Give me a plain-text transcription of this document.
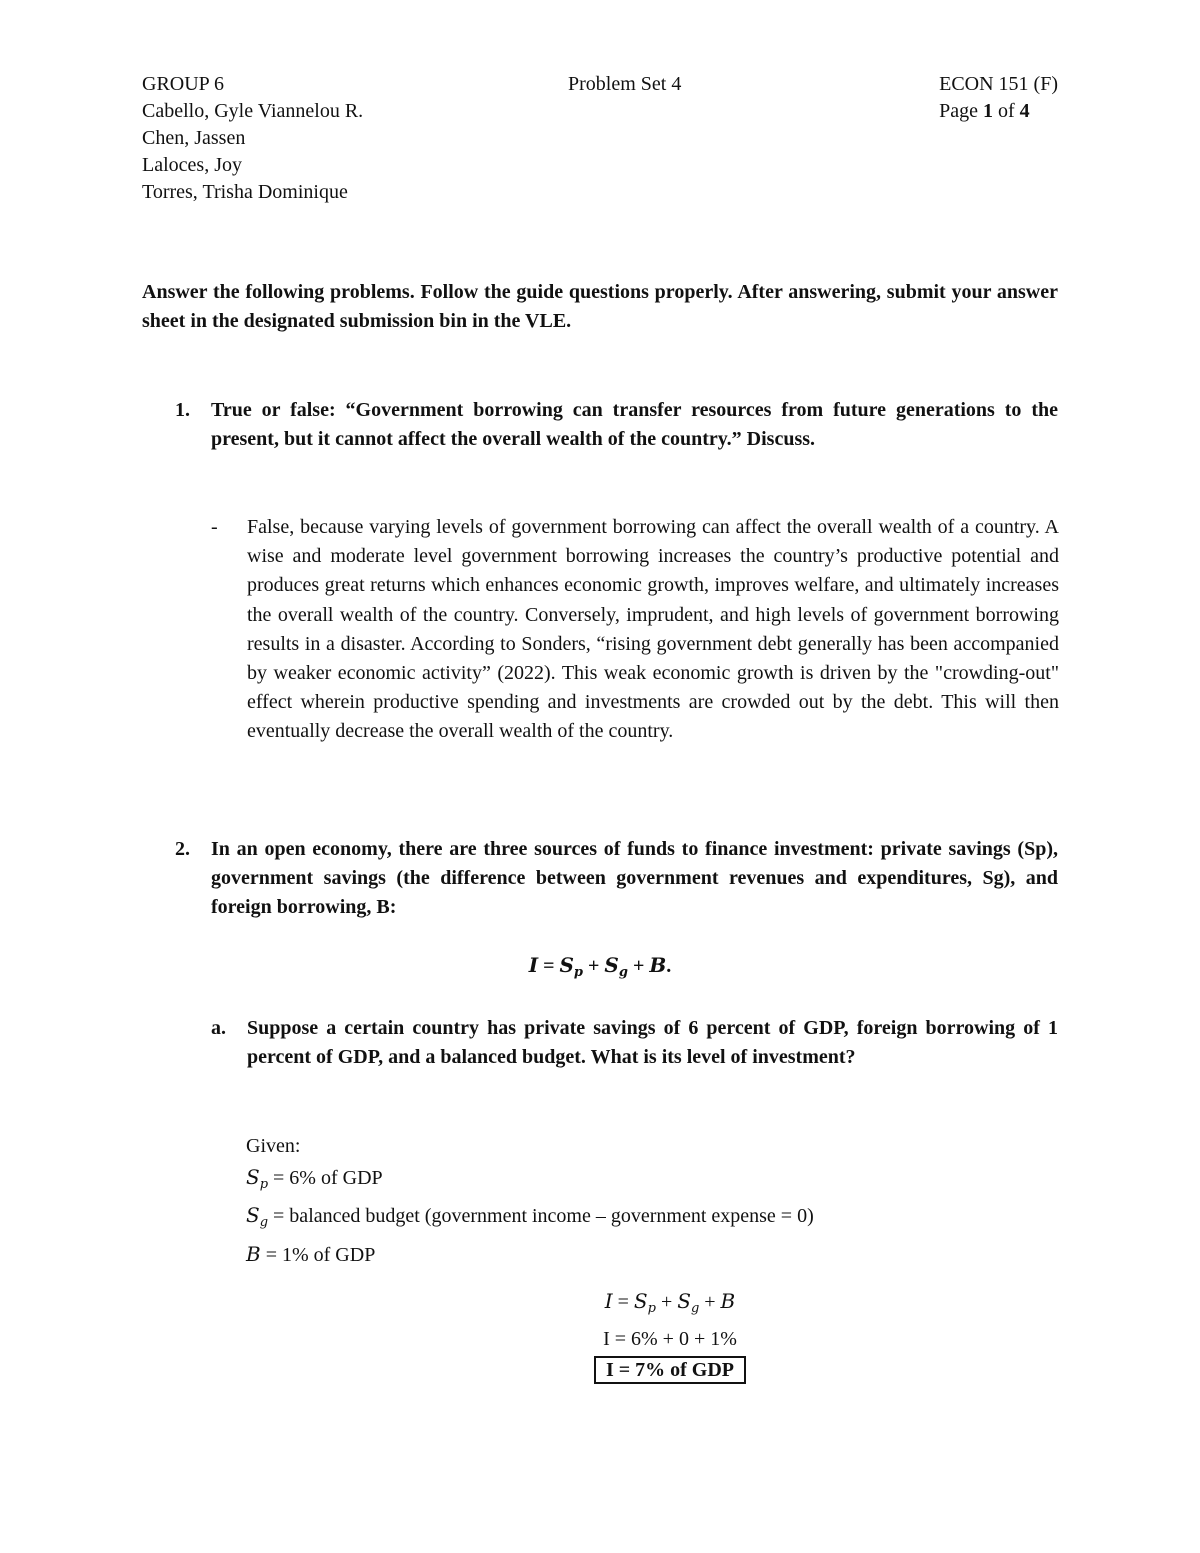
GROUP 6
Cabello, Gyle Viannelou R.
Chen, Jassen
Laloces, Joy
Torres, Trisha Dominique
Problem Set 4	ECON 151 (F)
Page 1 of 4
Answer the following problems. Follow the guide questions properly. After answering, submit your answer sheet in the designated submission bin in the VLE.
1. True or false: “Government borrowing can transfer resources from future generations to the present, but it cannot affect the overall wealth of the country.” Discuss.
- False, because varying levels of government borrowing can affect the overall wealth of a country. A wise and moderate level government borrowing increases the country’s productive potential and produces great returns which enhances economic growth, improves welfare, and ultimately increases the overall wealth of the country. Conversely, imprudent, and high levels of government borrowing results in a disaster. According to Sonders, “rising government debt generally has been accompanied by weaker economic activity” (2022). This weak economic growth is driven by the "crowding-out" effect wherein productive spending and investments are crowded out by the debt. This will then eventually decrease the overall wealth of the country.
2. In an open economy, there are three sources of funds to finance investment: private savings (Sp), government savings (the difference between government revenues and expenditures, Sg), and foreign borrowing, B:
$I = S_p + S_g + B$.
a. Suppose a certain country has private savings of 6 percent of GDP, foreign borrowing of 1 percent of GDP, and a balanced budget. What is its level of investment?
Given:
$S_p = 6\%$ of GDP
$S_g$ = balanced budget (government income – government expense = 0)
B = 1% of GDP
$I = S_p + S_g + B$
I = 6% + 0 + 1%
I = 7% of GDP
